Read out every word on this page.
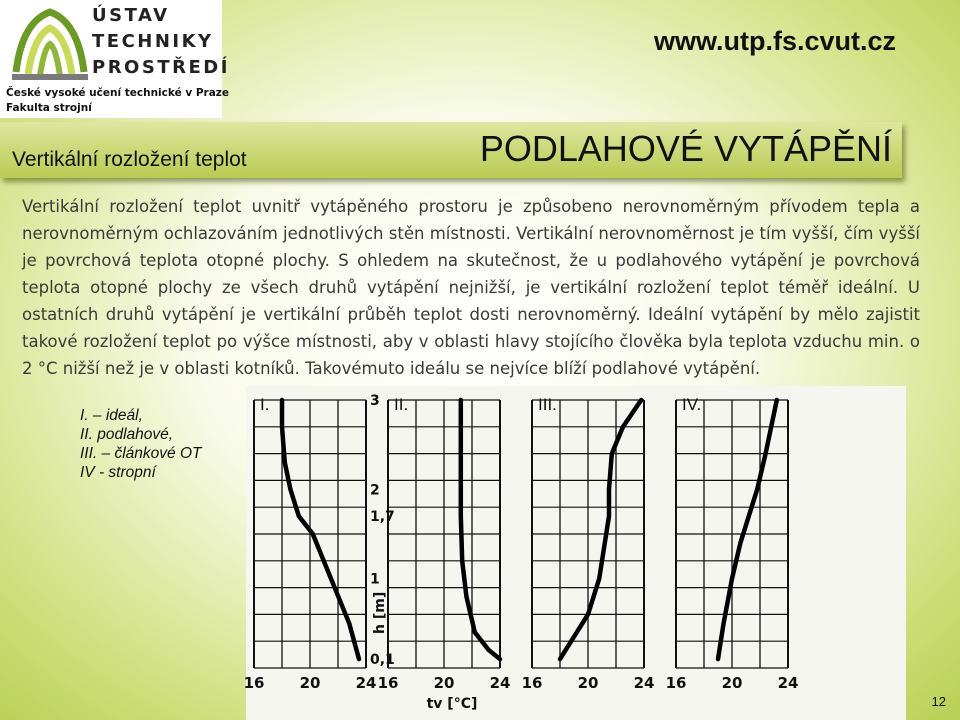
ÚSTAV
TECHNIKY
PROSTŘEDÍ
České vysoké učení technické v Praze
Fakulta strojní
www.utp.fs.cvut.cz
Vertikální rozložení teplot	PODLAHOVÉ VYTÁPĚNÍ

Vertikální rozložení teplot uvnitř vytápěného prostoru je způsobeno nerovnoměrným přívodem tepla a nerovnoměrným ochlazováním jednotlivých stěn místnosti. Vertikální nerovnoměrnost je tím vyšší, čím vyšší je povrchová teplota otopné plochy. S ohledem na skutečnost, že u podlahového vytápění je povrchová teplota otopné plochy ze všech druhů vytápění nejnižší, je vertikální rozložení teplot téměř ideální. U ostatních druhů vytápění je vertikální průběh teplot dosti nerovnoměrný. Ideální vytápění by mělo zajistit takové rozložení teplot po výšce místnosti, aby v oblasti hlavy stojícího člověka byla teplota vzduchu min. o 2 °C nižší než je v oblasti kotníků. Takovémuto ideálu se nejvíce blíží podlahové vytápění.

I. – ideál,
II. podlahové,
III. – článkové OT
IV - stropní
I.
16 20 24
II.
16 20 24
III.
16 20 24
IV.
16 20 24
3
2
1,7
1
0,1
h [m]
tv [°C]	12
